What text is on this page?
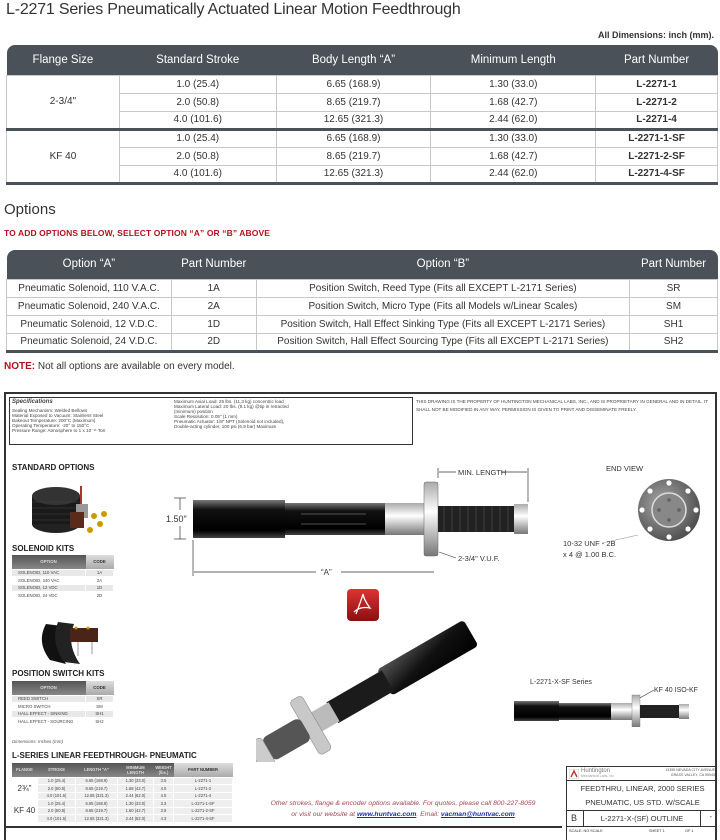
L-2271 Series Pneumatically Actuated Linear Motion Feedthrough
All Dimensions: inch (mm).
Flange Size	Standard Stroke	Body Length “A”	Minimum Length	Part Number
2-3/4"	1.0 (25.4)	6.65 (168.9)	1.30 (33.0)	L-2271-1
	2.0 (50.8)	8.65 (219.7)	1.68 (42.7)	L-2271-2
	4.0 (101.6)	12.65 (321.3)	2.44 (62.0)	L-2271-4
KF 40	1.0 (25.4)	6.65 (168.9)	1.30 (33.0)	L-2271-1-SF
	2.0 (50.8)	8.65 (219.7)	1.68 (42.7)	L-2271-2-SF
	4.0 (101.6)	12.65 (321.3)	2.44 (62.0)	L-2271-4-SF
Options
TO ADD OPTIONS BELOW, SELECT OPTION “A” OR “B” ABOVE
Option “A”	Part Number	Option “B”	Part Number
Pneumatic Solenoid, 110 V.A.C.	1A	Position Switch, Reed Type (Fits all EXCEPT L-2171 Series)	SR
Pneumatic Solenoid, 240 V.A.C.	2A	Position Switch, Micro Type (Fits all Models w/Linear Scales)	SM
Pneumatic Solenoid, 12 V.D.C.	1D	Position Switch, Hall Effect Sinking Type (Fits all EXCEPT L-2171 Series)	SH1
Pneumatic Solenoid, 24 V.D.C.	2D	Position Switch, Hall Effect Sourcing Type (Fits all EXCEPT L-2171 Series)	SH2
NOTE: Not all options are available on every model.
Specifications
Sealing Mechanism: Welded Bellows
Material Exposed to Vacuum: Stainless Steel
Bakeout Temperature: 200°C (Maximum)
Operating Temperature: -20° to 150°C
Pressure Range: Atmosphere to 1 x 10⁻¹¹ Torr
Maximum Axial Load: 25 lbs. (11.3 kg) concentric load
Maximum Lateral Load: 20 lbs. (9.1 kg) @tip in retracted
(minimum) position
Scale Resolution: 0.05" (1 mm)
Pneumatic Actuator: 1/8" NPT (Solenoid not included),
Double-acting cylinder, 100 psi (6.9 bar) Maximum
THIS DRAWING IS THE PROPERTY OF HUNTINGTON MECHANICAL LABS, INC., AND IS PROPRIETARY IN GENERAL AND IN DETAIL. IT SHALL NOT BE MODIFIED IN ANY WAY. PERMISSION IS GIVEN TO PRINT AND DISSEMINATE FREELY.
STANDARD OPTIONS
SOLENOID KITS
OPTION	CODE
SOLENOID, 110 VAC	1A
SOLENOID, 240 VAC	2A
SOLENOID, 12 VDC	1D
SOLENOID, 24 VDC	2D
POSITION SWITCH KITS
OPTION	CODE
REED SWITCH	SR
MICRO SWITCH	SM
HALL EFFECT - SINKING	SH1
HALL EFFECT - SOURCING	SH2
Dimensions: Inches (mm)
L-SERIES LINEAR FEEDTHROUGH- PNEUMATIC
FLANGE	STROKE	LENGTH "A"	MINIMUM LENGTH	WEIGHT (lbs.)	PART NUMBER
2¾"	1.0 (25.4)	6.65 (168.9)	1.30 (33.0)	3.5	L-2271-1
	2.0 (50.8)	8.65 (219.7)	1.68 (42.7)	4.0	L-2271-2
	4.0 (101.6)	12.65 (321.3)	2.44 (62.0)	4.5	L-2271-4
KF 40	1.0 (25.4)	6.65 (168.9)	1.30 (33.0)	3.3	L-2271-1-SF
	2.0 (50.8)	8.65 (219.7)	1.60 (42.7)	3.8	L-2271-2-SF
	4.0 (101.6)	12.65 (321.3)	2.44 (62.0)	4.3	L-2271-4-SF
1.50"
MIN. LENGTH
“A”
2-3/4" V.U.F.
END VIEW
10-32 UNF - 2B
x 4 @ 1.00 B.C.
L-2271-X-SF Series
KF 40 ISO-KF
Other strokes, flange & encoder options available. For quotes, please call 800-227-8059
or visit our website at www.huntvac.com. Email: vacman@huntvac.com
Huntington
Mechanical Labs, Inc.
13355 NEVADA CITY AVENUE
GRASS VALLEY, CA 95945
FEEDTHRU, LINEAR, 2000 SERIES
PNEUMATIC, US STD. W/SCALE
B	L-2271-X-(SF) OUTLINE	-
SCALE: NO SCALE	SHEET 1	OF 1
